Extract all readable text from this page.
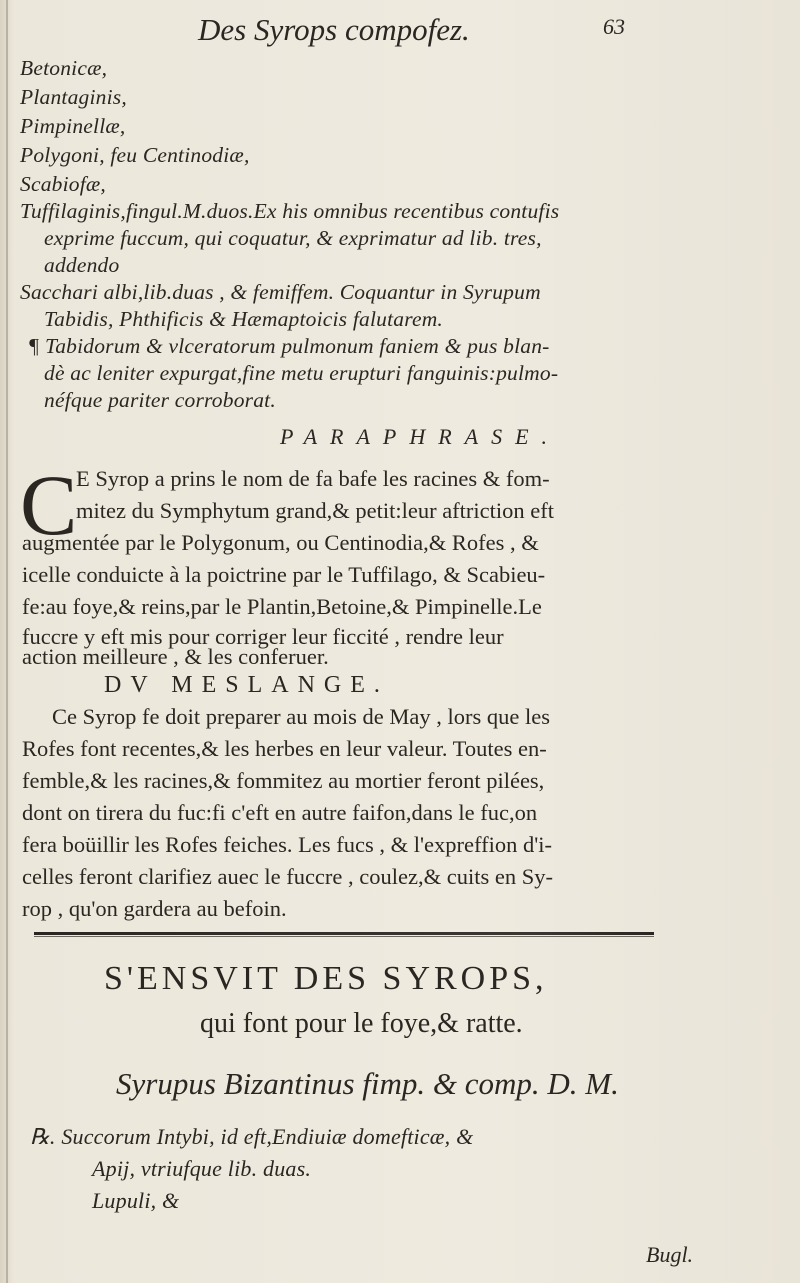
Des Syrops compofez.	63
Betonicæ,
Plantaginis,
Pimpinellæ,
Polygoni, feu Centinodiæ,
Scabiofæ,
Tuffilaginis,fingul.M.duos.Ex his omnibus recentibus contufis
exprime fuccum, qui coquatur, & exprimatur ad lib. tres,
addendo
Sacchari albi,lib.duas , & femiffem. Coquantur in Syrupum
Tabidis, Phthificis & Hæmaptoicis falutarem.
¶ Tabidorum & vlceratorum pulmonum faniem & pus blan-
dè ac leniter expurgat,fine metu erupturi fanguinis:pulmo-
néfque pariter corroborat.
PARAPHRASE.
C
E Syrop a prins le nom de fa bafe les racines & fom-
mitez du Symphytum grand,& petit:leur aftriction eft
augmentée par le Polygonum, ou Centinodia,& Rofes , &
icelle conduicte à la poictrine par le Tuffilago, & Scabieu-
fe:au foye,& reins,par le Plantin,Betoine,& Pimpinelle.Le
fuccre y eft mis pour corriger leur ficcité , rendre leur
action meilleure , & les conferuer.
DV MESLANGE.
Ce Syrop fe doit preparer au mois de May , lors que les
Rofes font recentes,& les herbes en leur valeur. Toutes en-
femble,& les racines,& fommitez au mortier feront pilées,
dont on tirera du fuc:fi c'eft en autre faifon,dans le fuc,on
fera boüillir les Rofes feiches. Les fucs , & l'expreffion d'i-
celles feront clarifiez auec le fuccre , coulez,& cuits en Sy-
rop , qu'on gardera au befoin.
S'ENSVIT DES SYROPS,
qui font pour le foye,& ratte.
Syrupus Bizantinus fimp. & comp. D. M.
℞. Succorum Intybi, id eft,Endiuiæ domefticæ, &
Apij, vtriufque lib. duas.
Lupuli, &
Bugl.
